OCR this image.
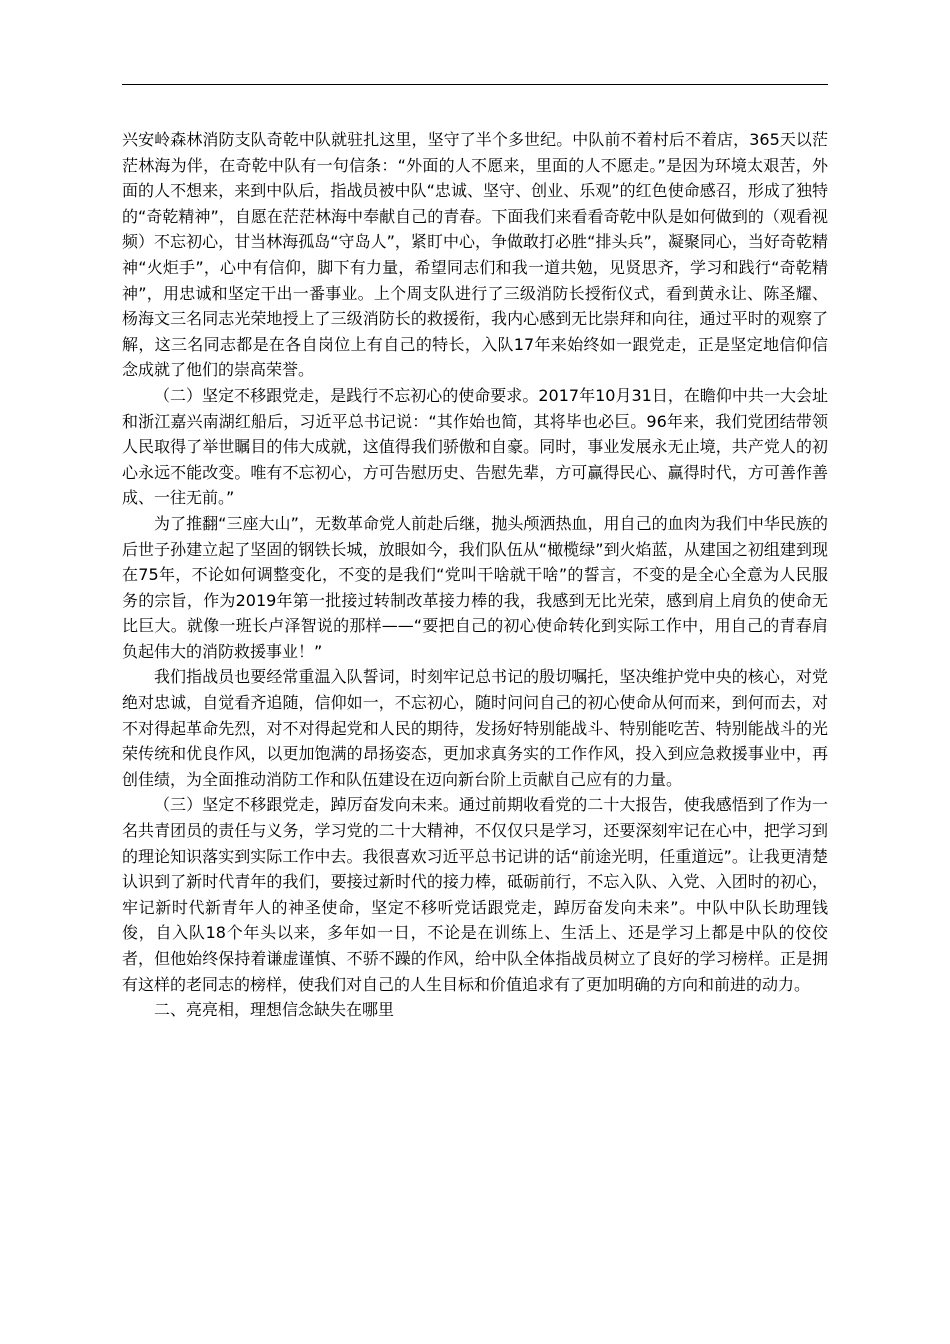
兴安岭森林消防支队奇乾中队就驻扎这里，坚守了半个多世纪。中队前不着村后不着店，365天以茫茫林海为伴，在奇乾中队有一句信条：“外面的人不愿来，里面的人不愿走。”是因为环境太艰苦，外面的人不想来，来到中队后，指战员被中队“忠诚、坚守、创业、乐观”的红色使命感召，形成了独特的“奇乾精神”，自愿在茫茫林海中奉献自己的青春。下面我们来看看奇乾中队是如何做到的（观看视频）不忘初心，甘当林海孤岛“守岛人”，紧盯中心，争做敢打必胜“排头兵”，凝聚同心，当好奇乾精神“火炬手”，心中有信仰，脚下有力量，希望同志们和我一道共勉，见贤思齐，学习和践行“奇乾精神”，用忠诚和坚定干出一番事业。上个周支队进行了三级消防长授衔仪式，看到黄永让、陈圣耀、杨海文三名同志光荣地授上了三级消防长的救援衔，我内心感到无比崇拜和向往，通过平时的观察了解，这三名同志都是在各自岗位上有自己的特长，入队17年来始终如一跟党走，正是坚定地信仰信念成就了他们的崇高荣誉。

（二）坚定不移跟党走，是践行不忘初心的使命要求。2017年10月31日，在瞻仰中共一大会址和浙江嘉兴南湖红船后，习近平总书记说：“其作始也简，其将毕也必巨。96年来，我们党团结带领人民取得了举世瞩目的伟大成就，这值得我们骄傲和自豪。同时，事业发展永无止境，共产党人的初心永远不能改变。唯有不忘初心，方可告慰历史、告慰先辈，方可赢得民心、赢得时代，方可善作善成、一往无前。”

为了推翻“三座大山”，无数革命党人前赴后继，抛头颅洒热血，用自己的血肉为我们中华民族的后世子孙建立起了坚固的钢铁长城，放眼如今，我们队伍从“橄榄绿”到火焰蓝，从建国之初组建到现在75年，不论如何调整变化，不变的是我们“党叫干啥就干啥”的誓言，不变的是全心全意为人民服务的宗旨，作为2019年第一批接过转制改革接力棒的我，我感到无比光荣，感到肩上肩负的使命无比巨大。就像一班长卢泽智说的那样——“要把自己的初心使命转化到实际工作中，用自己的青春肩负起伟大的消防救援事业！”

我们指战员也要经常重温入队誓词，时刻牢记总书记的殷切嘱托，坚决维护党中央的核心，对党绝对忠诚，自觉看齐追随，信仰如一，不忘初心，随时问问自己的初心使命从何而来，到何而去，对不对得起革命先烈，对不对得起党和人民的期待，发扬好特别能战斗、特别能吃苦、特别能战斗的光荣传统和优良作风，以更加饱满的昂扬姿态，更加求真务实的工作作风，投入到应急救援事业中，再创佳绩，为全面推动消防工作和队伍建设在迈向新台阶上贡献自己应有的力量。

（三）坚定不移跟党走，踔厉奋发向未来。通过前期收看党的二十大报告，使我感悟到了作为一名共青团员的责任与义务，学习党的二十大精神，不仅仅只是学习，还要深刻牢记在心中，把学习到的理论知识落实到实际工作中去。我很喜欢习近平总书记讲的话“前途光明，任重道远”。让我更清楚认识到了新时代青年的我们，要接过新时代的接力棒，砥砺前行，不忘入队、入党、入团时的初心，牢记新时代新青年人的神圣使命，坚定不移听党话跟党走，踔厉奋发向未来”。中队中队长助理钱俊，自入队18个年头以来，多年如一日，不论是在训练上、生活上、还是学习上都是中队的佼佼者，但他始终保持着谦虚谨慎、不骄不躁的作风，给中队全体指战员树立了良好的学习榜样。正是拥有这样的老同志的榜样，使我们对自己的人生目标和价值追求有了更加明确的方向和前进的动力。

二、亮亮相，理想信念缺失在哪里
